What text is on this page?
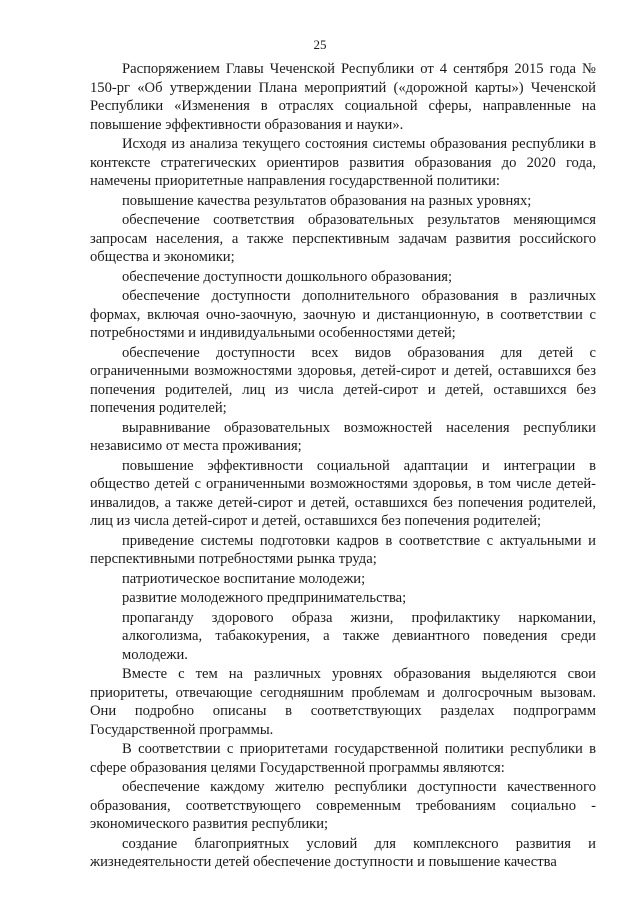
25

Распоряжением Главы Чеченской Республики от 4 сентября 2015 года № 150-рг «Об утверждении Плана мероприятий («дорожной карты») Чеченской Республики «Изменения в отраслях социальной сферы, направленные на повышение эффективности образования и науки».

Исходя из анализа текущего состояния системы образования республики в контексте стратегических ориентиров развития образования до 2020 года, намечены приоритетные направления государственной политики:

повышение качества результатов образования на разных уровнях;

обеспечение соответствия образовательных результатов меняющимся запросам населения, а также перспективным задачам развития российского общества и экономики;

обеспечение доступности дошкольного образования;

обеспечение доступности дополнительного образования в различных формах, включая очно-заочную, заочную и дистанционную, в соответствии с потребностями и индивидуальными особенностями детей;

обеспечение доступности всех видов образования для детей с ограниченными возможностями здоровья, детей-сирот и детей, оставшихся без попечения родителей, лиц из числа детей-сирот и детей, оставшихся без попечения родителей;

выравнивание образовательных возможностей населения республики независимо от места проживания;

повышение эффективности социальной адаптации и интеграции в общество детей с ограниченными возможностями здоровья, в том числе детей-инвалидов, а также детей-сирот и детей, оставшихся без попечения родителей, лиц из числа детей-сирот и детей, оставшихся без попечения родителей;

приведение системы подготовки кадров в соответствие с актуальными и перспективными потребностями рынка труда;

патриотическое воспитание молодежи;

развитие молодежного предпринимательства;

пропаганду здорового образа жизни, профилактику наркомании, алкоголизма, табакокурения, а также девиантного поведения среди молодежи.

Вместе с тем на различных уровнях образования выделяются свои приоритеты, отвечающие сегодняшним проблемам и долгосрочным вызовам. Они подробно описаны в соответствующих разделах подпрограмм Государственной программы.

В соответствии с приоритетами государственной политики республики в сфере образования целями Государственной программы являются:

обеспечение каждому жителю республики доступности качественного образования, соответствующего современным требованиям социально - экономического развития республики;

создание благоприятных условий для комплексного развития и жизнедеятельности детей обеспечение доступности и повышение качества
